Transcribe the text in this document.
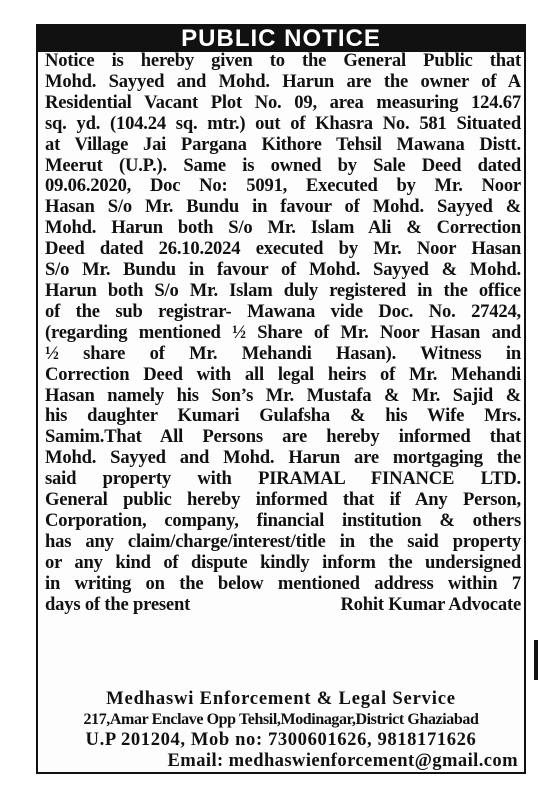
PUBLIC NOTICE
Notice is hereby given to the General Public that
Mohd. Sayyed and Mohd. Harun are the owner of A
Residential Vacant Plot No. 09, area measuring 124.67
sq. yd. (104.24 sq. mtr.) out of Khasra No. 581 Situated
at Village Jai Pargana Kithore Tehsil Mawana Distt.
Meerut (U.P.). Same is owned by Sale Deed dated
09.06.2020, Doc No: 5091, Executed by Mr. Noor
Hasan S/o Mr. Bundu in favour of Mohd. Sayyed &
Mohd. Harun both S/o Mr. Islam Ali & Correction
Deed dated 26.10.2024 executed by Mr. Noor Hasan
S/o Mr. Bundu in favour of Mohd. Sayyed & Mohd.
Harun both S/o Mr. Islam duly registered in the office
of the sub registrar- Mawana vide Doc. No. 27424,
(regarding mentioned ½ Share of Mr. Noor Hasan and
½ share of Mr. Mehandi Hasan). Witness in
Correction Deed with all legal heirs of Mr. Mehandi
Hasan namely his Son’s Mr. Mustafa & Mr. Sajid &
his daughter Kumari Gulafsha & his Wife Mrs.
Samim.That All Persons are hereby informed that
Mohd. Sayyed and Mohd. Harun are mortgaging the
said property with PIRAMAL FINANCE LTD.
General public hereby informed that if Any Person,
Corporation, company, financial institution & others
has any claim/charge/interest/title in the said property
or any kind of dispute kindly inform the undersigned
in writing on the below mentioned address within 7
days of the present	Rohit Kumar Advocate
Medhaswi Enforcement & Legal Service
217,Amar Enclave Opp Tehsil,Modinagar,District Ghaziabad
U.P 201204, Mob no: 7300601626, 9818171626
Email: medhaswienforcement@gmail.com
